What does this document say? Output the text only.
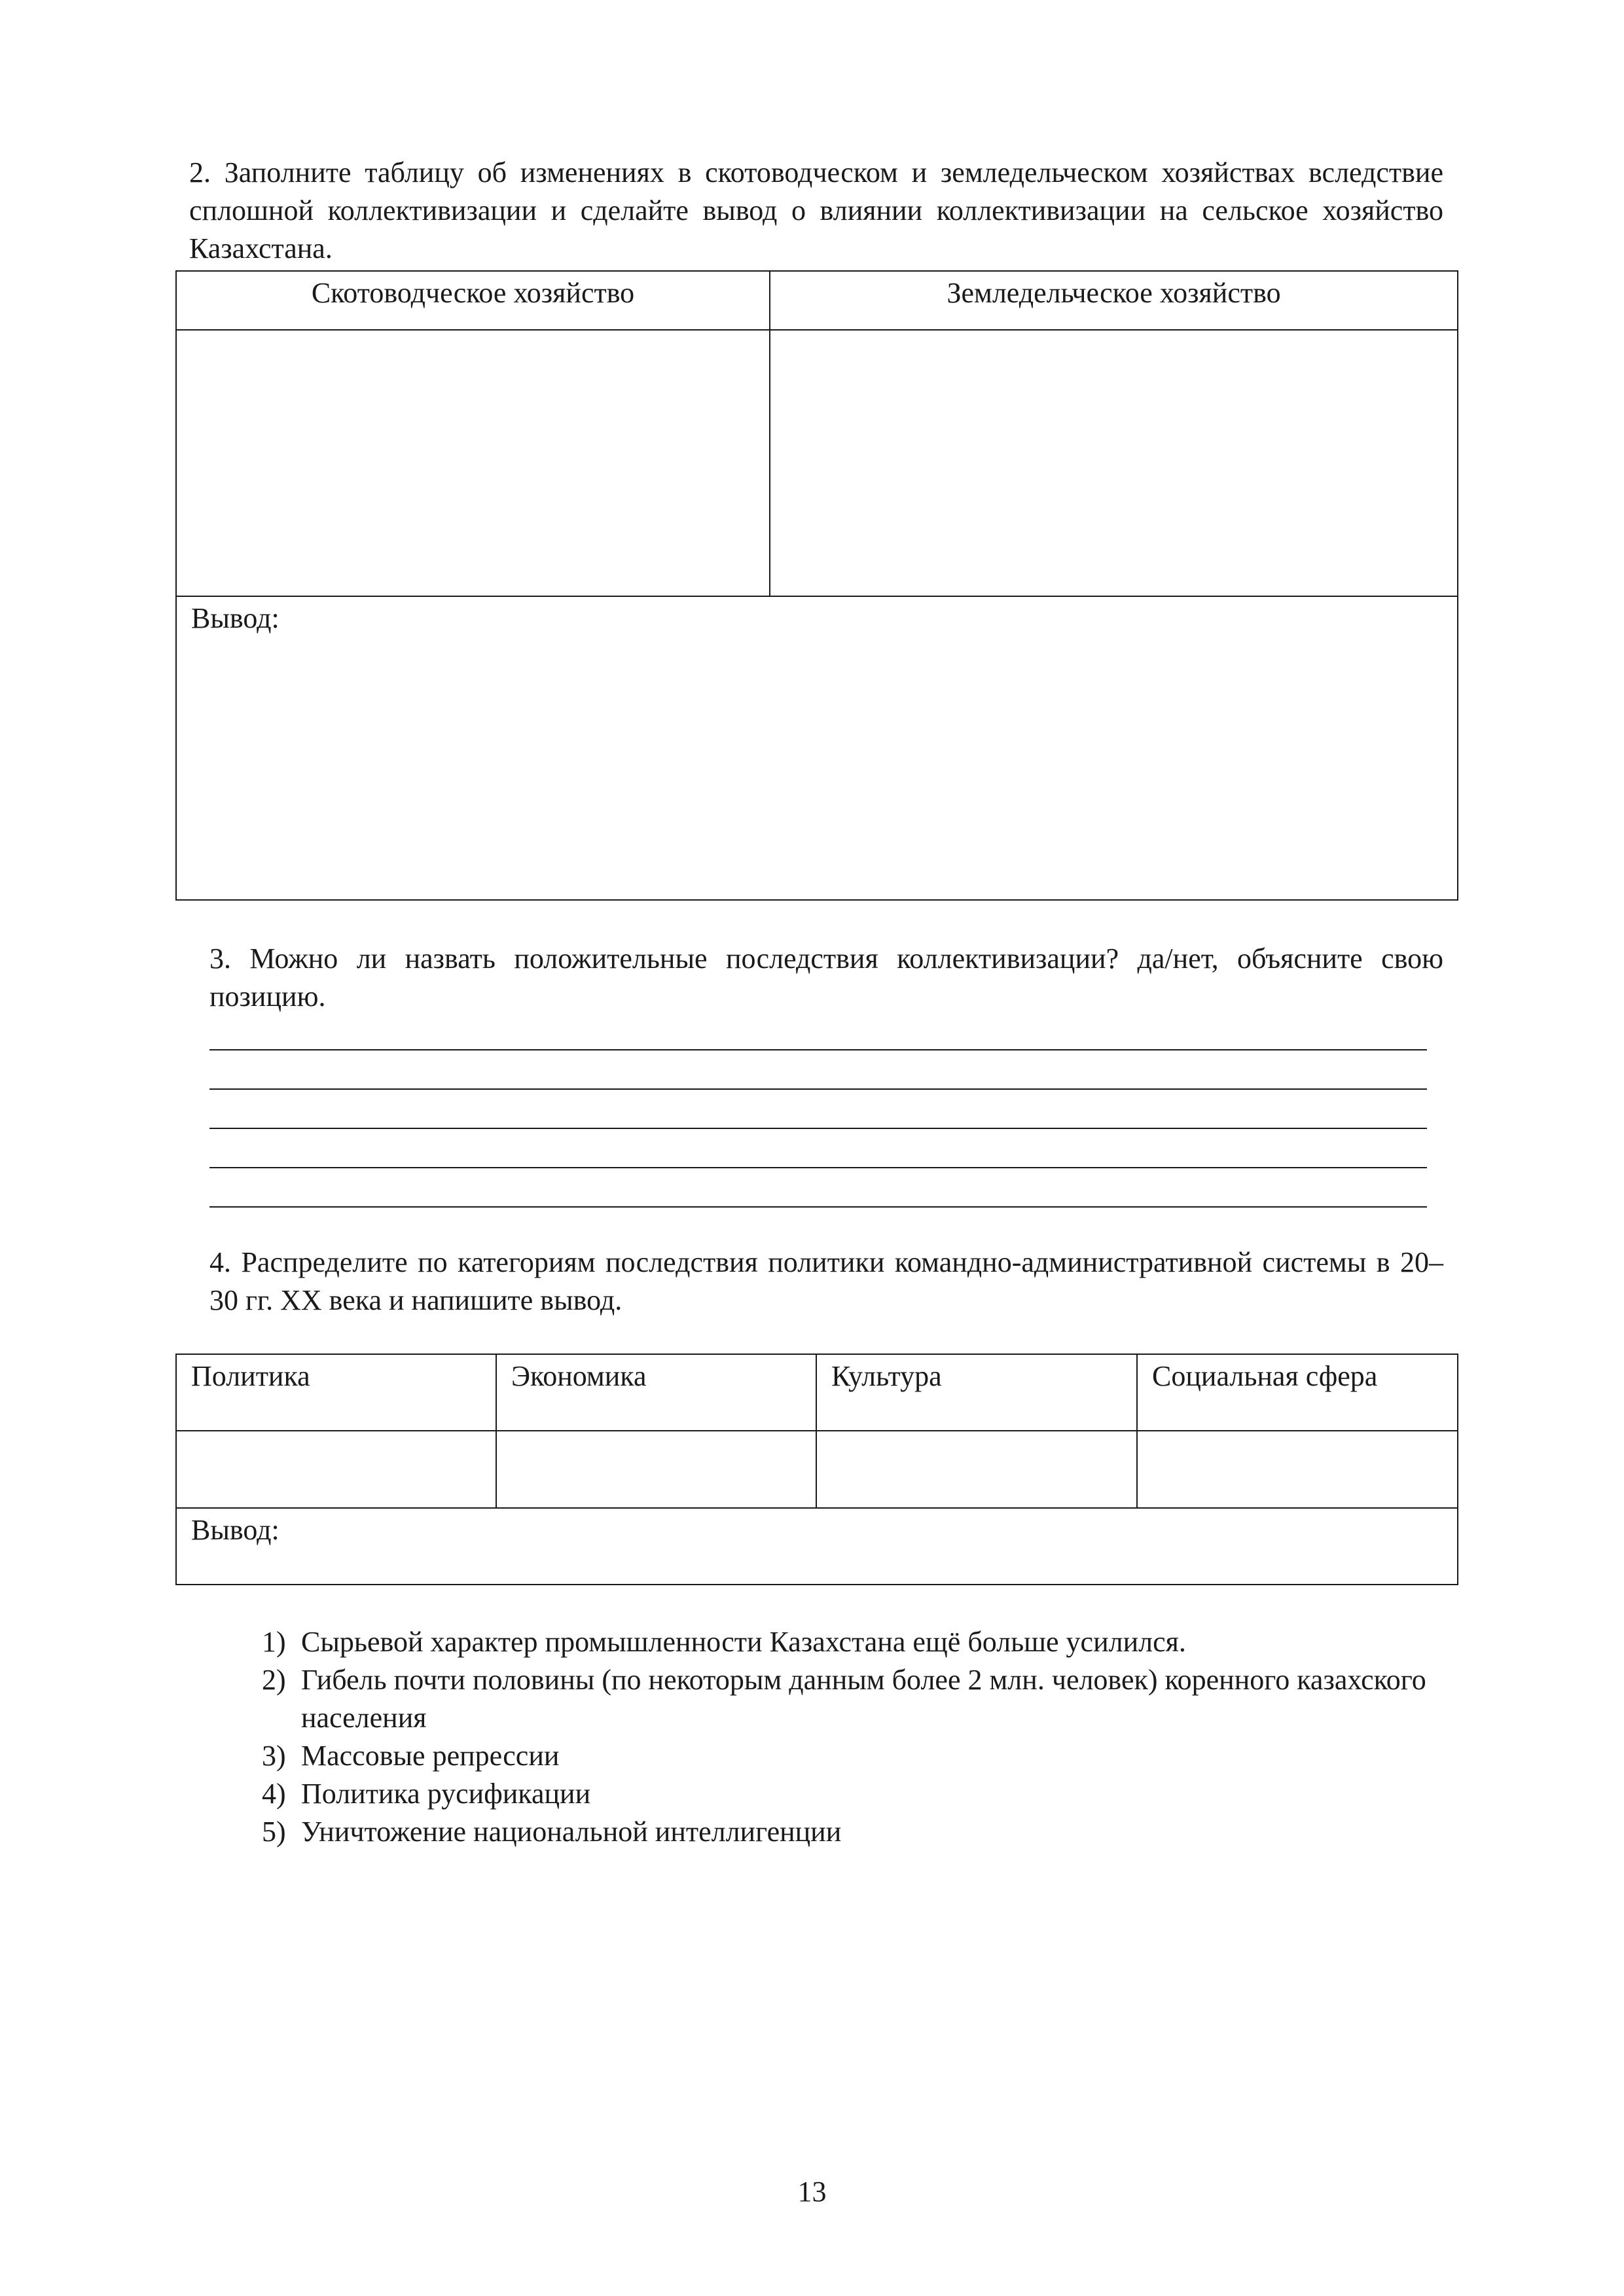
2. Заполните таблицу об изменениях в скотоводческом и земледельческом хозяйствах вследствие сплошной коллективизации и сделайте вывод о влиянии коллективизации на сельское хозяйство Казахстана.

Скотоводческое хозяйство	Земледельческое хозяйство

Вывод:	

3. Можно ли назвать положительные последствия коллективизации? да/нет, объясните свою позицию.

4. Распределите по категориям последствия политики командно-административной системы в 20–30 гг. XX века и напишите вывод.

Политика	Экономика	Культура	Социальная сфера

Вывод:			
1) Сырьевой характер промышленности Казахстана ещё больше усилился.
2) Гибель почти половины (по некоторым данным более 2 млн. человек) коренного казахского населения
3) Массовые репрессии
4) Политика русификации
5) Уничтожение национальной интеллигенции
13
